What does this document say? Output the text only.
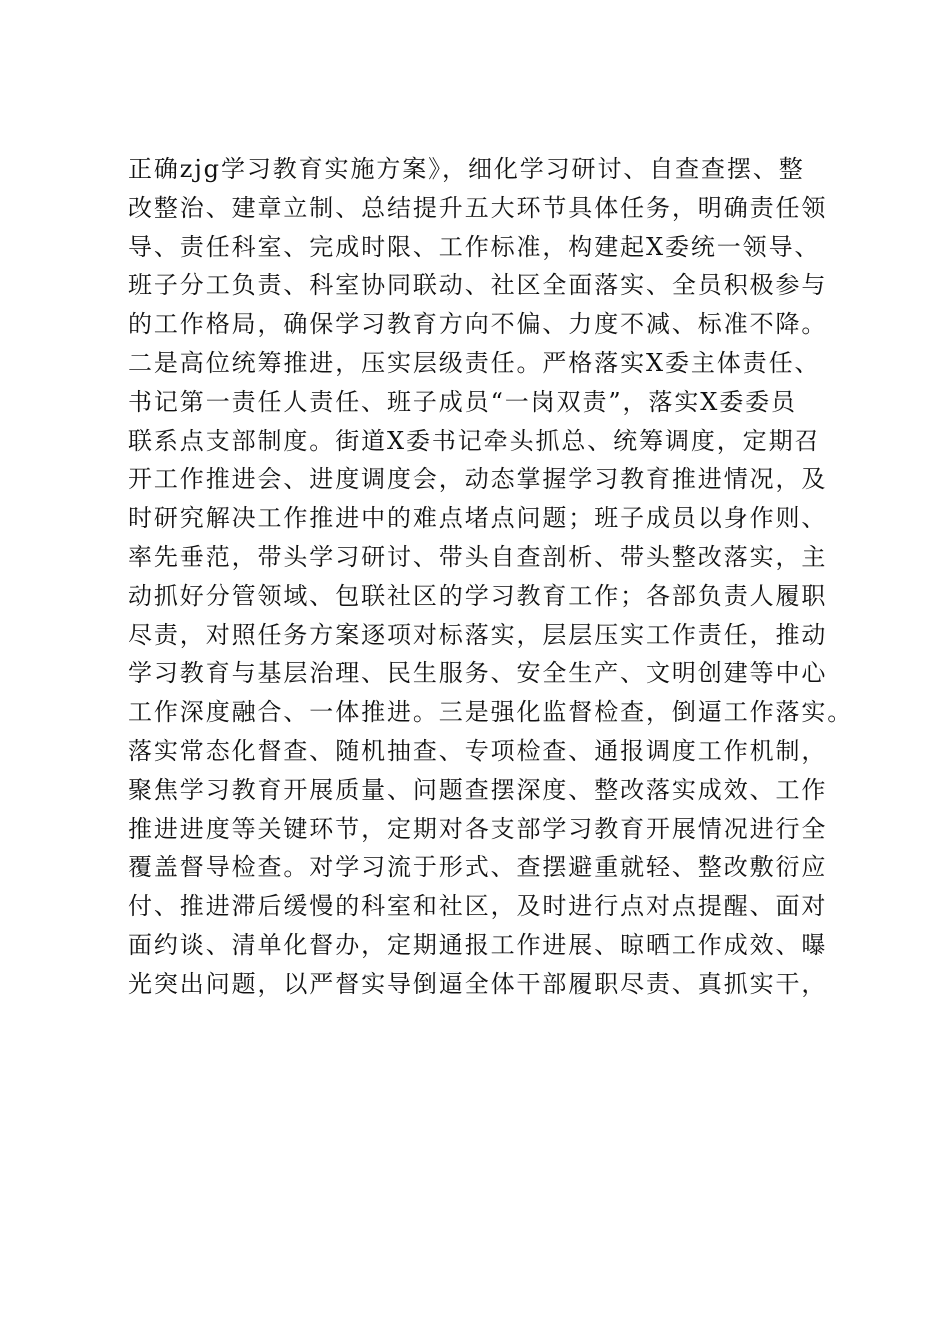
正确zjg学习教育实施方案》，细化学习研讨、自查查摆、整
改整治、建章立制、总结提升五大环节具体任务，明确责任领
导、责任科室、完成时限、工作标准，构建起X委统一领导、
班子分工负责、科室协同联动、社区全面落实、全员积极参与
的工作格局，确保学习教育方向不偏、力度不减、标准不降。
二是高位统筹推进，压实层级责任。严格落实X委主体责任、
书记第一责任人责任、班子成员“一岗双责”，落实X委委员
联系点支部制度。街道X委书记牵头抓总、统筹调度，定期召
开工作推进会、进度调度会，动态掌握学习教育推进情况，及
时研究解决工作推进中的难点堵点问题；班子成员以身作则、
率先垂范，带头学习研讨、带头自查剖析、带头整改落实，主
动抓好分管领域、包联社区的学习教育工作；各部负责人履职
尽责，对照任务方案逐项对标落实，层层压实工作责任，推动
学习教育与基层治理、民生服务、安全生产、文明创建等中心
工作深度融合、一体推进。三是强化监督检查，倒逼工作落实。
落实常态化督查、随机抽查、专项检查、通报调度工作机制，
聚焦学习教育开展质量、问题查摆深度、整改落实成效、工作
推进进度等关键环节，定期对各支部学习教育开展情况进行全
覆盖督导检查。对学习流于形式、查摆避重就轻、整改敷衍应
付、推进滞后缓慢的科室和社区，及时进行点对点提醒、面对
面约谈、清单化督办，定期通报工作进展、晾晒工作成效、曝
光突出问题，以严督实导倒逼全体干部履职尽责、真抓实干，
